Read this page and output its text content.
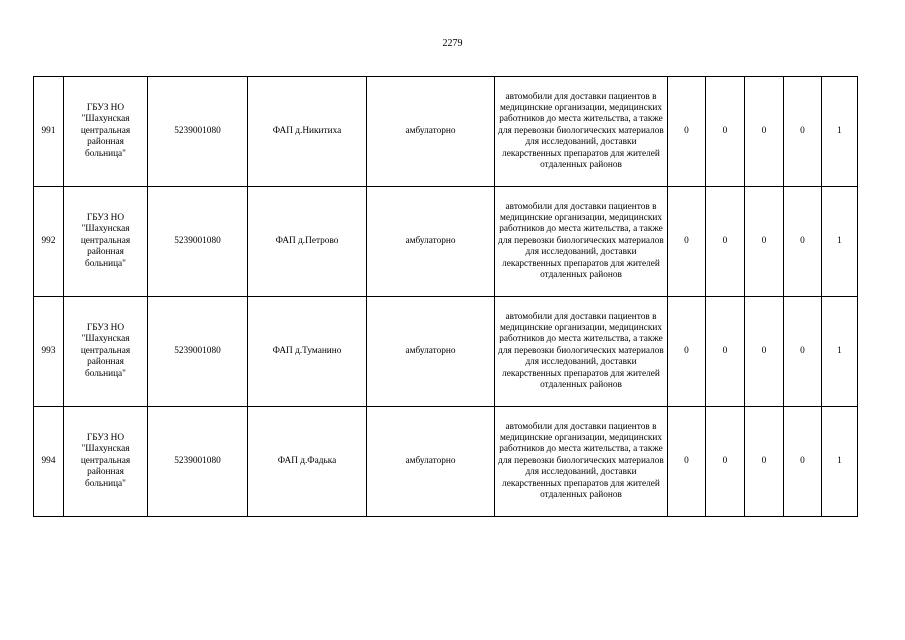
2279
991	ГБУЗ НО "Шахунская центральная районная больница"	5239001080	ФАП д.Никитиха	амбулаторно	автомобили для доставки пациентов в медицинские организации, медицинских работников до места жительства, а также для перевозки биологических материалов для исследований, доставки лекарственных препаратов для жителей отдаленных районов	0	0	0	0	1
992	ГБУЗ НО "Шахунская центральная районная больница"	5239001080	ФАП д.Петрово	амбулаторно	автомобили для доставки пациентов в медицинские организации, медицинских работников до места жительства, а также для перевозки биологических материалов для исследований, доставки лекарственных препаратов для жителей отдаленных районов	0	0	0	0	1
993	ГБУЗ НО "Шахунская центральная районная больница"	5239001080	ФАП д.Туманино	амбулаторно	автомобили для доставки пациентов в медицинские организации, медицинских работников до места жительства, а также для перевозки биологических материалов для исследований, доставки лекарственных препаратов для жителей отдаленных районов	0	0	0	0	1
994	ГБУЗ НО "Шахунская центральная районная больница"	5239001080	ФАП д.Фадька	амбулаторно	автомобили для доставки пациентов в медицинские организации, медицинских работников до места жительства, а также для перевозки биологических материалов для исследований, доставки лекарственных препаратов для жителей отдаленных районов	0	0	0	0	1
